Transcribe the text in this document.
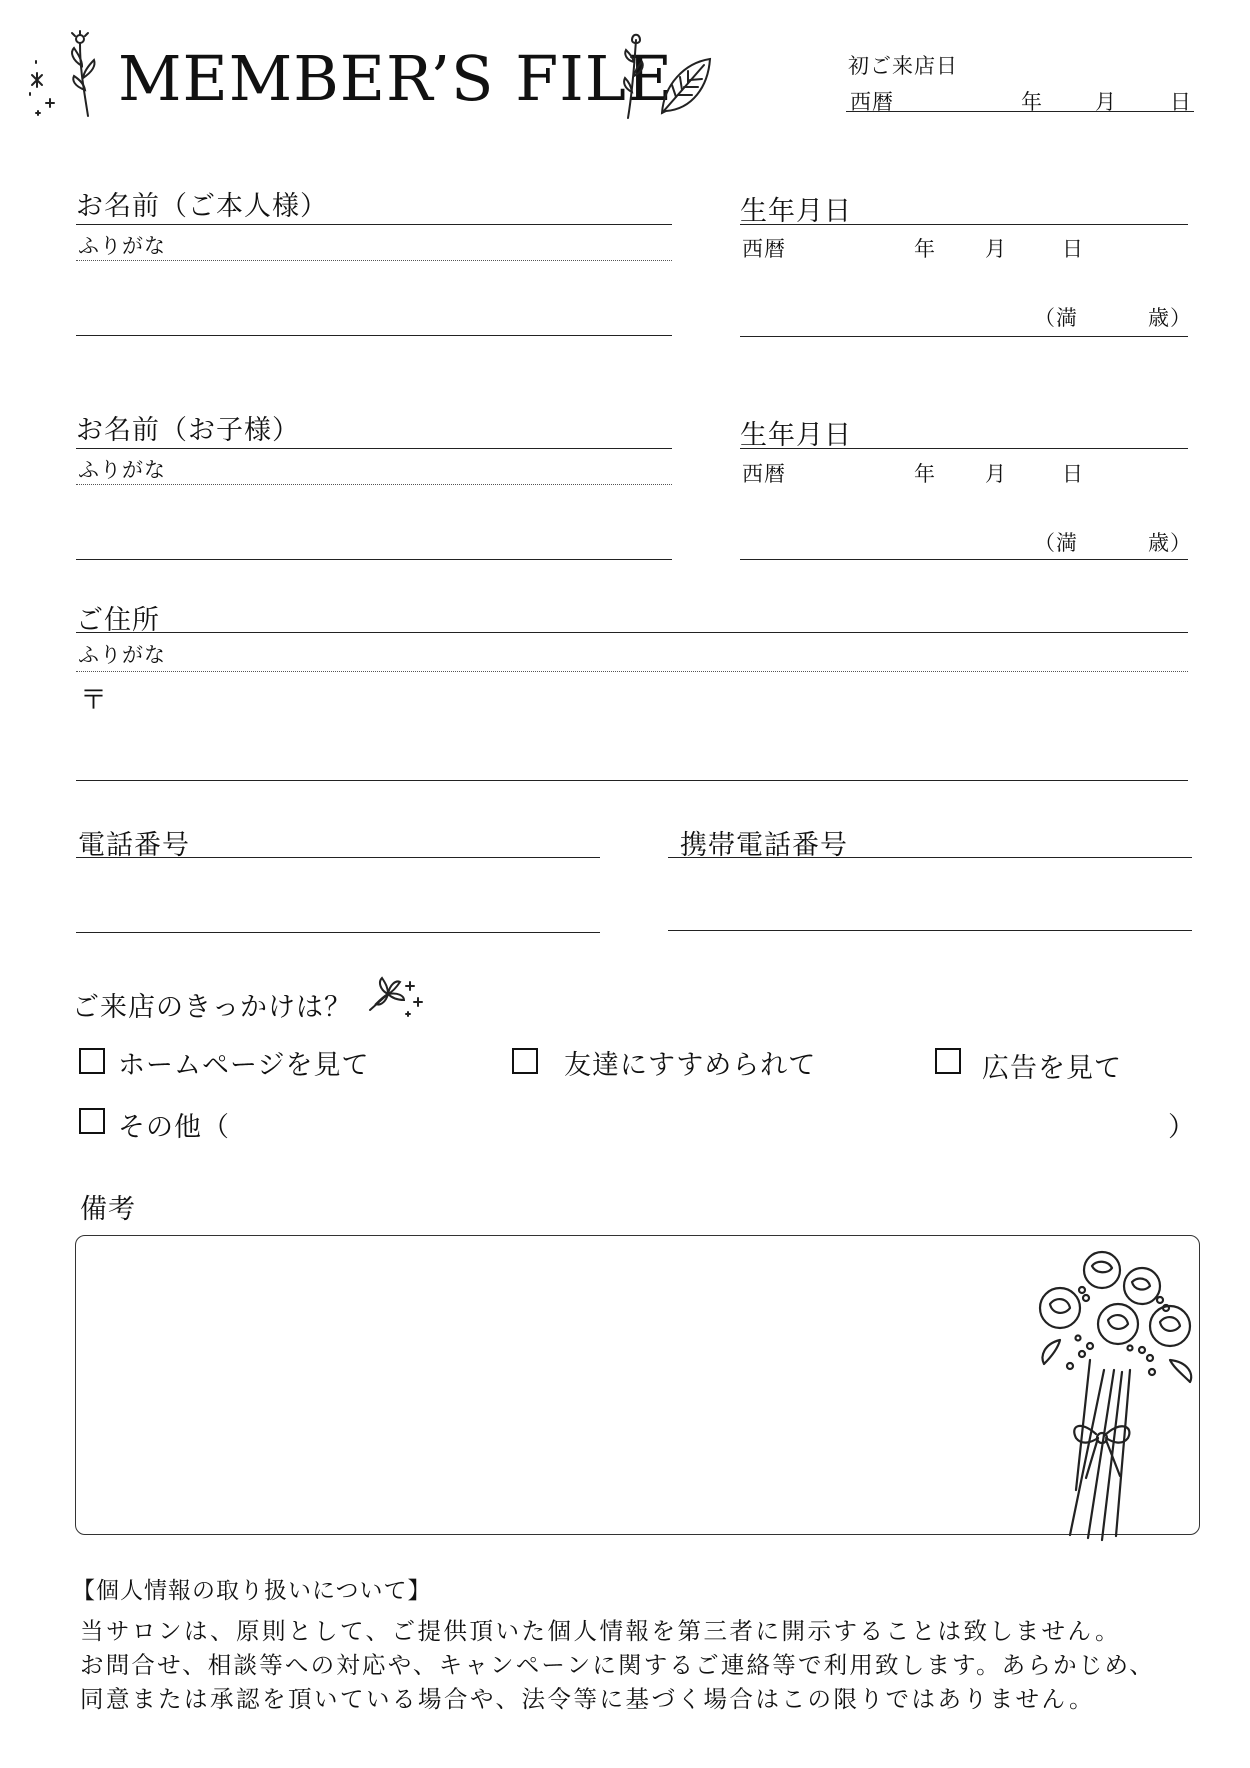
MEMBER’S FILE	初ご来店日
西暦	年 月	日
お名前（ご本人様）
ふりがな
生年月日
西暦	年 月	日
（満	歳）
お名前（お子様）
ふりがな
生年月日
西暦	年 月	日
（満	歳）
ご住所
ふりがな
〒
電話番号	携帯電話番号
ご来店のきっかけは？
ホームページを見て	友達にすすめられて	広告を見て
その他（	）
備考
【個人情報の取り扱いについて】
当サロンは、原則として、ご提供頂いた個人情報を第三者に開示することは致しません。
お問合せ、相談等への対応や、キャンペーンに関するご連絡等で利用致します。あらかじめ、
同意または承認を頂いている場合や、法令等に基づく場合はこの限りではありません。
